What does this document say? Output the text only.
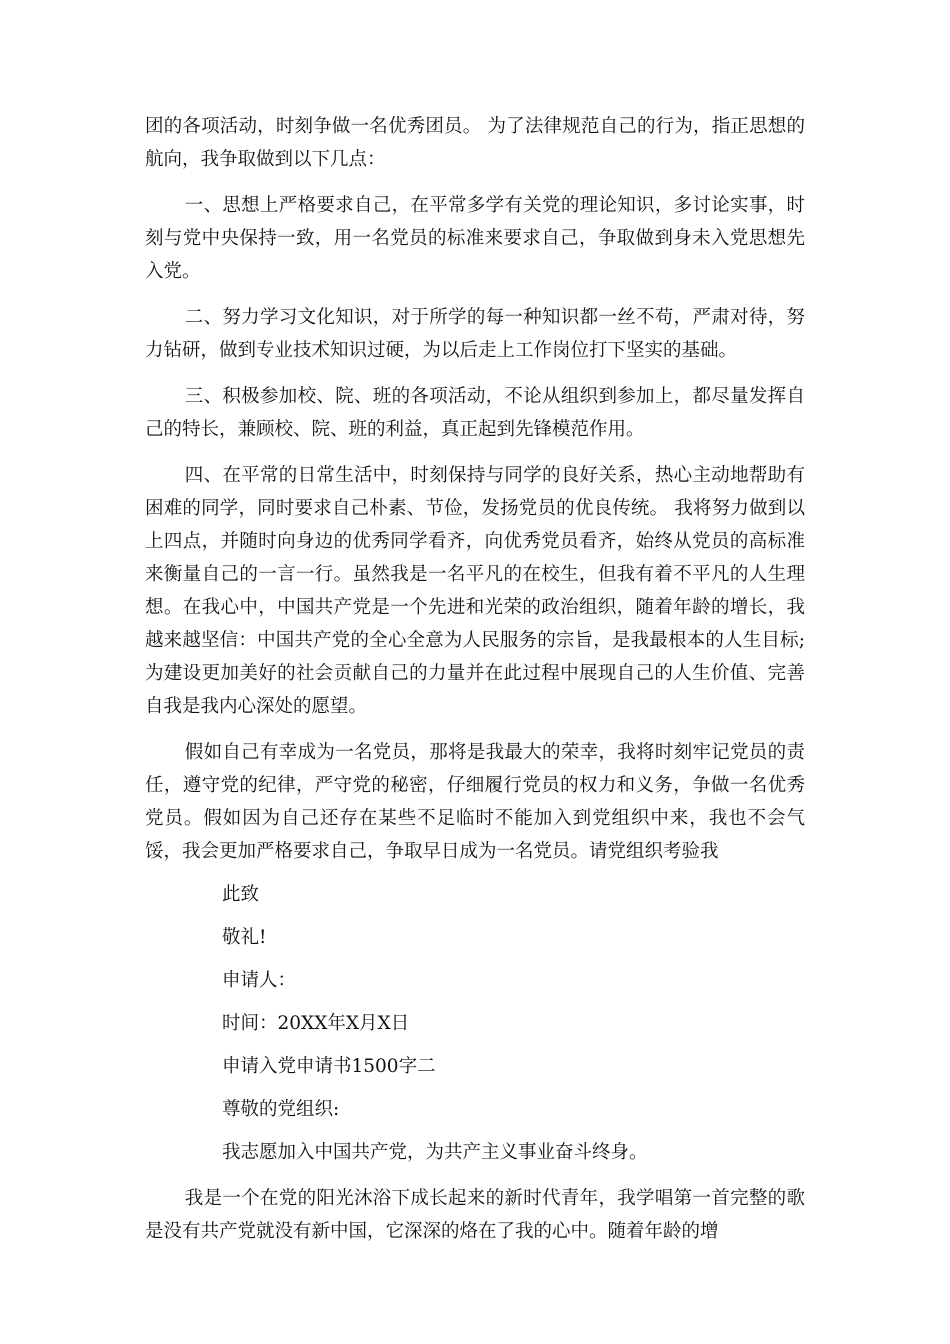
团的各项活动，时刻争做一名优秀团员。 为了法律规范自己的行为，指正思想的航向，我争取做到以下几点：

一、思想上严格要求自己，在平常多学有关党的理论知识，多讨论实事，时刻与党中央保持一致，用一名党员的标准来要求自己，争取做到身未入党思想先入党。

二、努力学习文化知识，对于所学的每一种知识都一丝不苟，严肃对待，努力钻研，做到专业技术知识过硬，为以后走上工作岗位打下坚实的基础。

三、积极参加校、院、班的各项活动，不论从组织到参加上，都尽量发挥自己的特长，兼顾校、院、班的利益，真正起到先锋模范作用。

四、在平常的日常生活中，时刻保持与同学的良好关系，热心主动地帮助有困难的同学，同时要求自己朴素、节俭，发扬党员的优良传统。 我将努力做到以上四点，并随时向身边的优秀同学看齐，向优秀党员看齐，始终从党员的高标准来衡量自己的一言一行。虽然我是一名平凡的在校生，但我有着不平凡的人生理想。在我心中，中国共产党是一个先进和光荣的政治组织，随着年龄的增长，我越来越坚信：中国共产党的全心全意为人民服务的宗旨，是我最根本的人生目标;为建设更加美好的社会贡献自己的力量并在此过程中展现自己的人生价值、完善自我是我内心深处的愿望。

假如自己有幸成为一名党员，那将是我最大的荣幸，我将时刻牢记党员的责任，遵守党的纪律，严守党的秘密，仔细履行党员的权力和义务，争做一名优秀党员。假如因为自己还存在某些不足临时不能加入到党组织中来，我也不会气馁，我会更加严格要求自己，争取早日成为一名党员。请党组织考验我

此致

敬礼!

申请人：

时间：20XX年X月X日

申请入党申请书1500字二

尊敬的党组织:

我志愿加入中国共产党，为共产主义事业奋斗终身。

我是一个在党的阳光沐浴下成长起来的新时代青年，我学唱第一首完整的歌是没有共产党就没有新中国，它深深的烙在了我的心中。随着年龄的增
